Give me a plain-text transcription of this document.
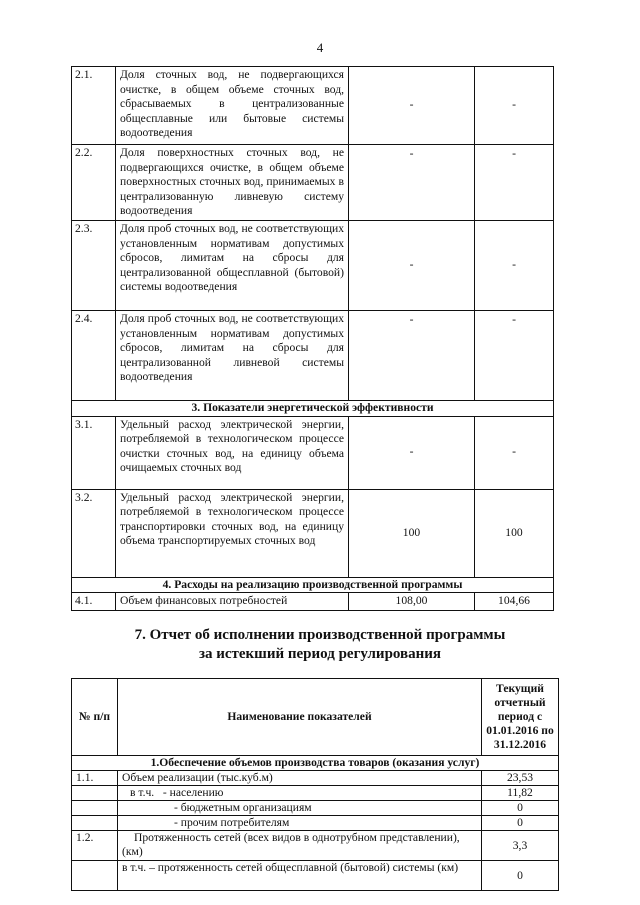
4
2.1.	Доля сточных вод, не подвергающихся очистке, в общем объеме сточных вод, сбрасываемых в централизованные общесплавные или бытовые системы водоотведения	-	-
2.2.	Доля поверхностных сточных вод, не подвергающихся очистке, в общем объеме поверхностных сточных вод, принимаемых в централизованную ливневую систему водоотведения	-	-
2.3.	Доля проб сточных вод, не соответствующих установленным нормативам допустимых сбросов, лимитам на сбросы для централизованной общесплавной (бытовой) системы водоотведения	-	-
2.4.	Доля проб сточных вод, не соответствующих установленным нормативам допустимых сбросов, лимитам на сбросы для централизованной ливневой системы водоотведения	-	-
3. Показатели энергетической эффективности			
3.1.	Удельный расход электрической энергии, потребляемой в технологическом процессе очистки сточных вод, на единицу объема очищаемых сточных вод	-	-
3.2.	Удельный расход электрической энергии, потребляемой в технологическом процессе транспортировки сточных вод, на единицу объема транспортируемых сточных вод	100	100
4. Расходы на реализацию производственной программы			
4.1.	Объем финансовых потребностей	108,00	104,66
7. Отчет об исполнении производственной программы
за истекший период регулирования
№ п/п	Наименование показателей	Текущий отчетный период с 01.01.2016 по 31.12.2016
1.Обеспечение объемов производства товаров (оказания услуг)		
1.1.	Объем реализации (тыс.куб.м)	23,53
	в т.ч.   - населению	11,82
	- бюджетным организациям	0
	- прочим потребителям	0
1.2.	Протяженность сетей (всех видов в однотрубном представлении), (км)	3,3
	в т.ч. – протяженность сетей общесплавной (бытовой) системы (км)	0
